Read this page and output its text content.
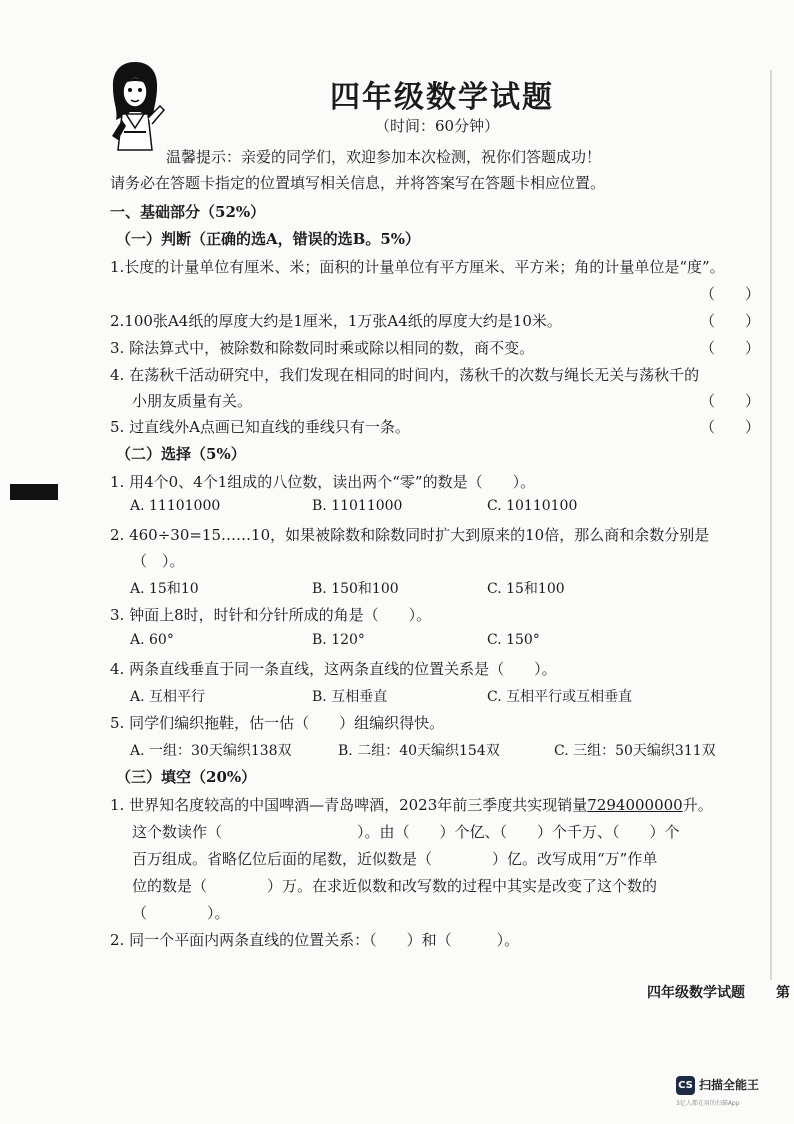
四年级数学试题
（时间：60分钟）
温馨提示：亲爱的同学们，欢迎参加本次检测，祝你们答题成功！
请务必在答题卡指定的位置填写相关信息，并将答案写在答题卡相应位置。
一、基础部分（52%）
（一）判断（正确的选A，错误的选B。5%）
1.长度的计量单位有厘米、米；面积的计量单位有平方厘米、平方米；角的计量单位是“度”。
（　　）
2.100张A4纸的厚度大约是1厘米，1万张A4纸的厚度大约是10米。	（　　）
3. 除法算式中，被除数和除数同时乘或除以相同的数，商不变。	（　　）
4. 在荡秋千活动研究中，我们发现在相同的时间内，荡秋千的次数与绳长无关与荡秋千的
小朋友质量有关。	（　　）
5. 过直线外A点画已知直线的垂线只有一条。	（　　）
（二）选择（5%）
1. 用4个0、4个1组成的八位数，读出两个“零”的数是（　　）。
A. 11101000	B. 11011000	C. 10110100
2. 460÷30=15……10，如果被除数和除数同时扩大到原来的10倍，那么商和余数分别是
（　）。
A. 15和10	B. 150和100	C. 15和100
3. 钟面上8时，时针和分针所成的角是（　　）。
A. 60°	B. 120°	C. 150°
4. 两条直线垂直于同一条直线，这两条直线的位置关系是（　　）。
A. 互相平行	B. 互相垂直	C. 互相平行或互相垂直
5. 同学们编织拖鞋，估一估（　　）组编织得快。
A. 一组：30天编织138双	B. 二组：40天编织154双	C. 三组：50天编织311双
（三）填空（20%）
1. 世界知名度较高的中国啤酒—青岛啤酒，2023年前三季度共实现销量7294000000升。
这个数读作（　　　　　　　　　）。由（　　）个亿、（　　）个千万、（　　）个
百万组成。省略亿位后面的尾数，近似数是（　　　　）亿。改写成用“万”作单
位的数是（　　　　）万。在求近似数和改写数的过程中其实是改变了这个数的
（　　　　）。
2. 同一个平面内两条直线的位置关系：（　　）和（　　　）。
四年级数学试题 第
CS 扫描全能王
3亿人都在用的扫描App
